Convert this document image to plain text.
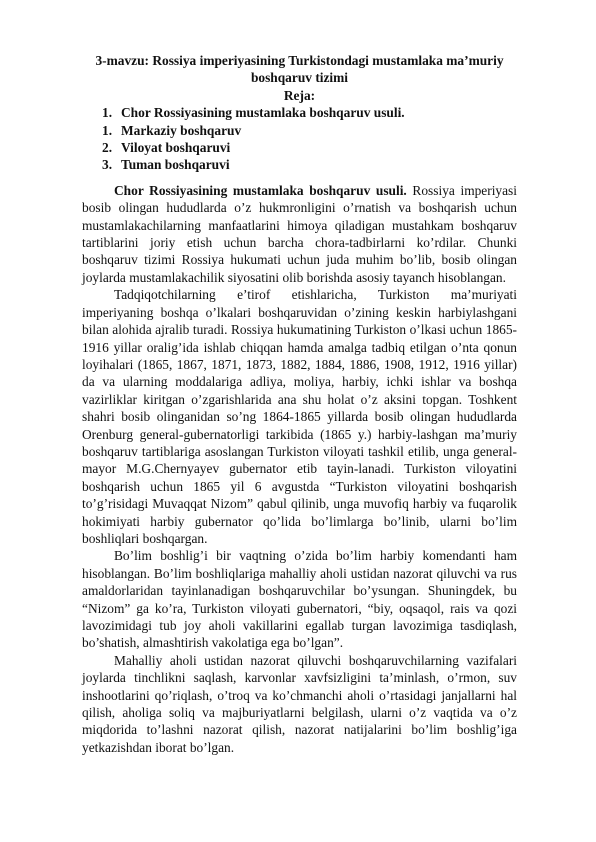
3-mavzu: Rossiya imperiyasining Turkistondagi mustamlaka ma’muriy boshqaruv tizimi
Reja:
1. Chor Rossiyasining mustamlaka boshqaruv usuli.
1. Markaziy boshqaruv
2. Viloyat boshqaruvi
3. Tuman boshqaruvi

Chor Rossiyasining mustamlaka boshqaruv usuli. Rossiya imperiyasi bosib olingan hududlarda o’z hukmronligini o’rnatish va boshqarish uchun mustamlakachilarning manfaatlarini himoya qiladigan mustahkam boshqaruv tartiblarini joriy etish uchun barcha chora-tadbirlarni ko’rdilar. Chunki boshqaruv tizimi Rossiya hukumati uchun juda muhim bo’lib, bosib olingan joylarda mustamlakachilik siyosatini olib borishda asosiy tayanch hisoblangan.

Tadqiqotchilarning e’tirof etishlaricha, Turkiston ma’muriyati imperiyaning boshqa o’lkalari boshqaruvidan o’zining keskin harbiylashgani bilan alohida ajralib turadi. Rossiya hukumatining Turkiston o’lkasi uchun 1865-1916 yillar oralig’ida ishlab chiqqan hamda amalga tadbiq etilgan o’nta qonun loyihalari (1865, 1867, 1871, 1873, 1882, 1884, 1886, 1908, 1912, 1916 yillar) da va ularning moddalariga adliya, moliya, harbiy, ichki ishlar va boshqa vazirliklar kiritgan o’zgarishlarida ana shu holat o’z aksini topgan. Toshkent shahri bosib olinganidan so’ng 1864-1865 yillarda bosib olingan hududlarda Orenburg general-gubernatorligi tarkibida (1865 y.) harbiy-lashgan ma’muriy boshqaruv tartiblariga asoslangan Turkiston viloyati tashkil etilib, unga general-mayor M.G.Chernyayev gubernator etib tayin-lanadi. Turkiston viloyatini boshqarish uchun 1865 yil 6 avgustda “Turkiston viloyatini boshqarish to’g’risidagi Muvaqqat Nizom” qabul qilinib, unga muvofiq harbiy va fuqarolik hokimiyati harbiy gubernator qo’lida bo’limlarga bo’linib, ularni bo’lim boshliqlari boshqargan.

Bo’lim boshlig’i bir vaqtning o’zida bo’lim harbiy komendanti ham hisoblangan. Bo’lim boshliqlariga mahalliy aholi ustidan nazorat qiluvchi va rus amaldorlaridan tayinlanadigan boshqaruvchilar bo’ysungan. Shuningdek, bu “Nizom” ga ko’ra, Turkiston viloyati gubernatori, “biy, oqsaqol, rais va qozi lavozimidagi tub joy aholi vakillarini egallab turgan lavozimiga tasdiqlash, bo’shatish, almashtirish vakolatiga ega bo’lgan”.

Mahalliy aholi ustidan nazorat qiluvchi boshqaruvchilarning vazifalari joylarda tinchlikni saqlash, karvonlar xavfsizligini ta’minlash, o’rmon, suv inshootlarini qo’riqlash, o’troq va ko’chmanchi aholi o’rtasidagi janjallarni hal qilish, aholiga soliq va majburiyatlarni belgilash, ularni o’z vaqtida va o’z miqdorida to’lashni nazorat qilish, nazorat natijalarini bo’lim boshlig’iga yetkazishdan iborat bo’lgan.
